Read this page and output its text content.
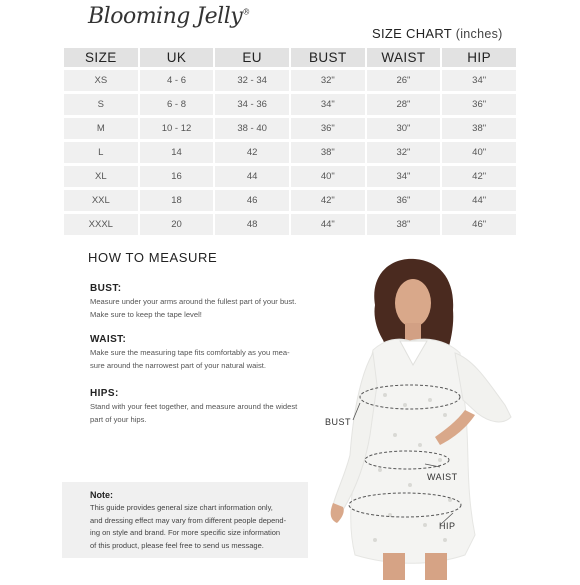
Blooming Jelly®
SIZE CHART (inches)
SIZE	UK	EU	BUST	WAIST	HIP
XS	4 - 6	32 - 34	32"	26"	34"
S	6 - 8	34 - 36	34"	28"	36"
M	10 - 12	38 - 40	36"	30"	38"
L	14	42	38"	32"	40"
XL	16	44	40"	34"	42"
XXL	18	46	42"	36"	44"
XXXL	20	48	44"	38"	46"
HOW TO MEASURE
BUST:
Measure under your arms around the fullest part of your bust.
Make sure to keep the tape level!
WAIST:
Make sure the measuring tape fits comfortably as you mea-
sure around the narrowest part of your natural waist.
HIPS:
Stand with your feet together, and measure around the widest
part of your hips.
Note:
This guide provides general size chart information only,
and dressing effect may vary from different people depend-
ing on style and brand. For more specific size information
of this product, please feel free to send us message.
BUST
WAIST
HIP
